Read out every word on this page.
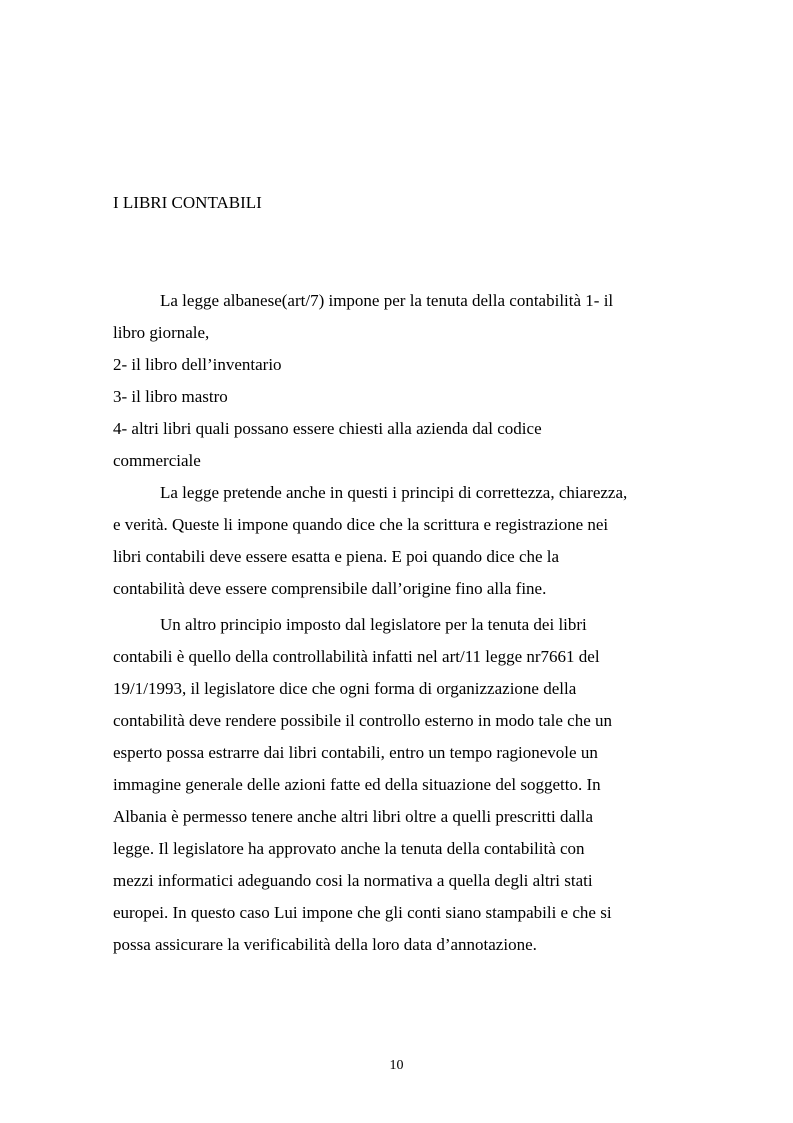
I LIBRI CONTABILI
La legge albanese(art/7) impone per la tenuta della contabilità 1- il
libro giornale,
2- il libro dell’inventario
3- il libro mastro
4- altri libri quali possano essere chiesti alla azienda dal codice
commerciale
La legge pretende anche in questi i principi di correttezza, chiarezza,
e verità. Queste li impone quando dice che la scrittura e registrazione nei
libri contabili deve essere esatta e piena. E poi quando dice che la
contabilità deve essere comprensibile dall’origine fino alla fine.
Un altro principio imposto dal legislatore per la tenuta dei libri
contabili è quello della controllabilità infatti nel art/11 legge nr7661 del
19/1/1993, il legislatore dice che ogni forma di organizzazione della
contabilità deve rendere possibile il controllo esterno in modo tale che un
esperto possa estrarre dai libri contabili, entro un tempo ragionevole un
immagine generale delle azioni fatte ed della situazione del soggetto. In
Albania è permesso tenere anche altri libri oltre a quelli prescritti dalla
legge. Il legislatore ha approvato anche la tenuta della contabilità con
mezzi informatici adeguando cosi la normativa a quella degli altri stati
europei. In questo caso Lui impone che gli conti siano stampabili e che si
possa assicurare la verificabilità della loro data d’annotazione.
10
